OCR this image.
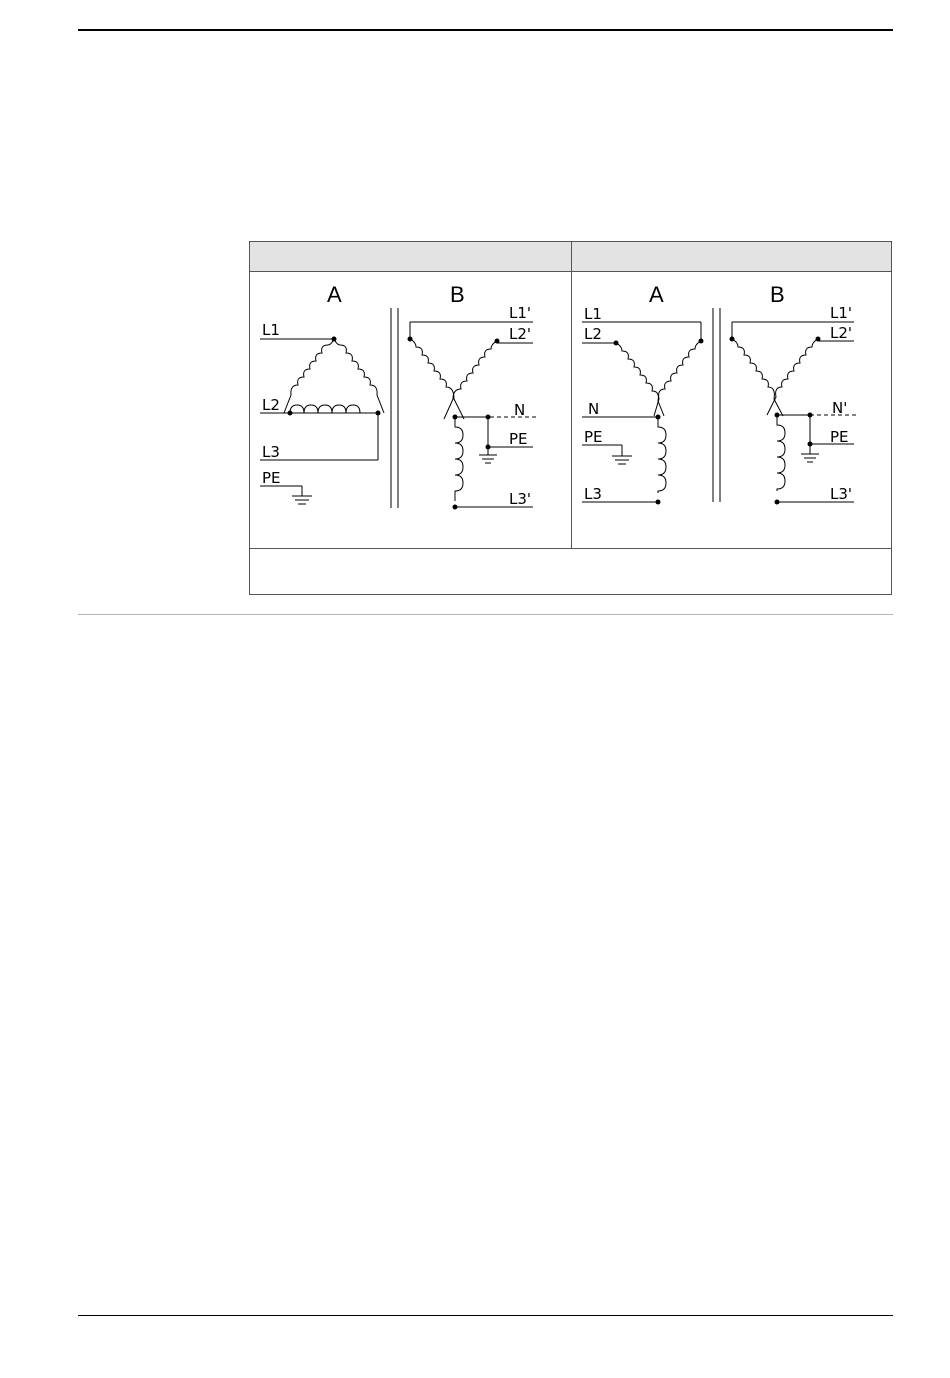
A	B
L1
L2
L3
PE
L1'
L2'
N
PE
L3'
A	B
L1
L2
N
PE
L3
L1'
L2'
N'
PE
L3'
